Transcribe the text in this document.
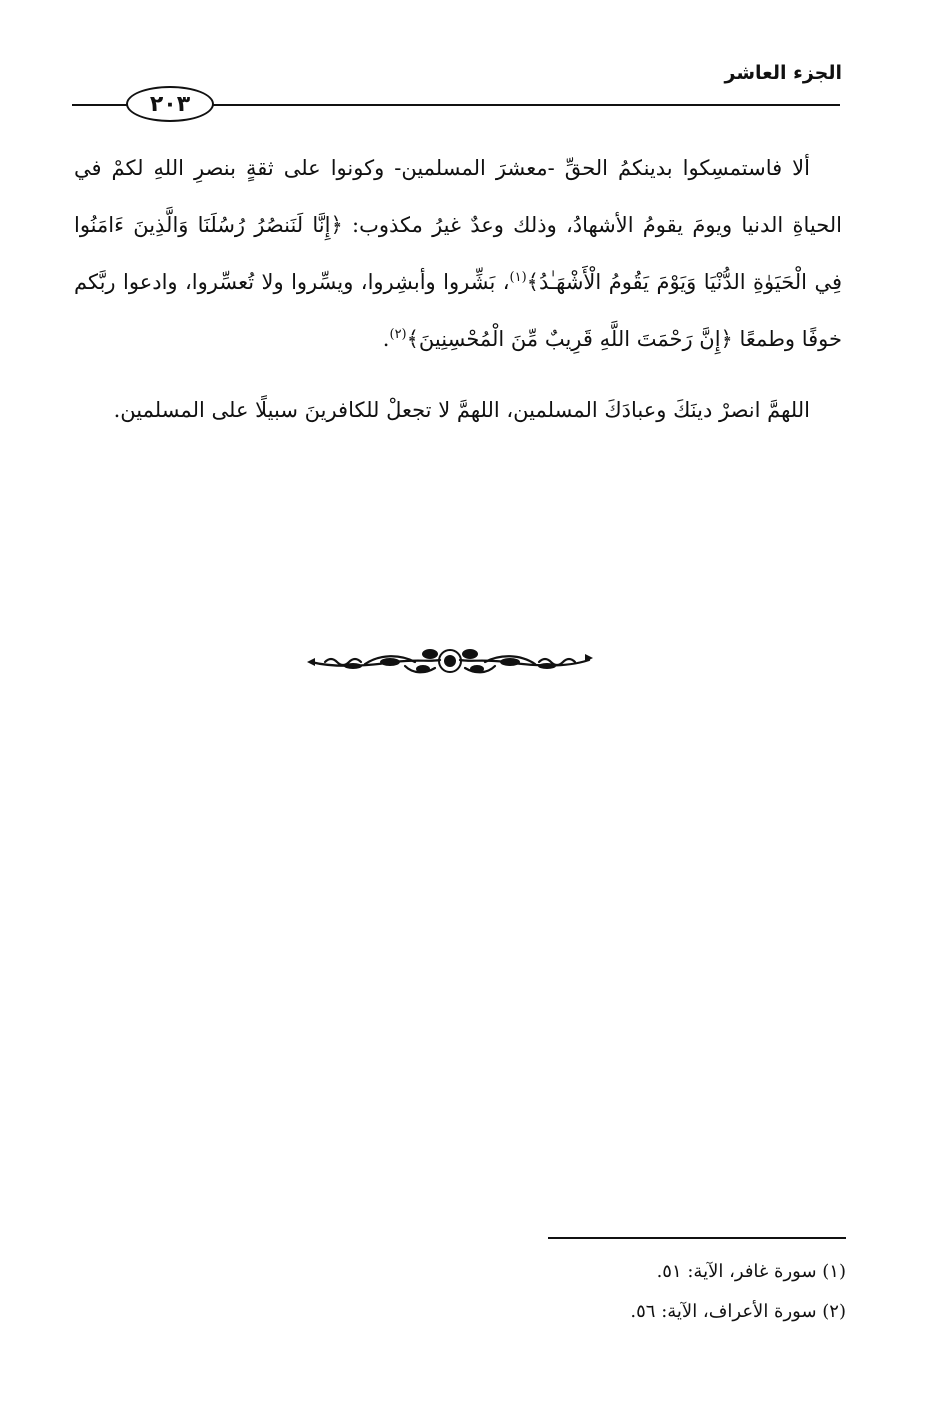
الجزء العاشر
٢٠٣

ألا فاستمسِكوا بدينكمُ الحقِّ -معشرَ المسلمين- وكونوا على ثقةٍ بنصرِ اللهِ لكمْ في الحياةِ الدنيا ويومَ يقومُ الأشهادُ، وذلك وعدٌ غيرُ مكذوب: ﴿إِنَّا لَنَنصُرُ رُسُلَنَا وَالَّذِينَ ءَامَنُوا فِي الْحَيَوٰةِ الدُّنْيَا وَيَوْمَ يَقُومُ الْأَشْهَـٰدُ﴾$^{(١)}$، بَشِّروا وأبشِروا، ويسِّروا ولا تُعسِّروا، وادعوا ربَّكم خوفًا وطمعًا ﴿إِنَّ رَحْمَتَ اللَّهِ قَرِيبٌ مِّنَ الْمُحْسِنِينَ﴾$^{(٢)}$.

اللهمَّ انصرْ دينَكَ وعبادَكَ المسلمين، اللهمَّ لا تجعلْ للكافرينَ سبيلًا على المسلمين.

(١) سورة غافر، الآية: ٥١.
(٢) سورة الأعراف، الآية: ٥٦.
